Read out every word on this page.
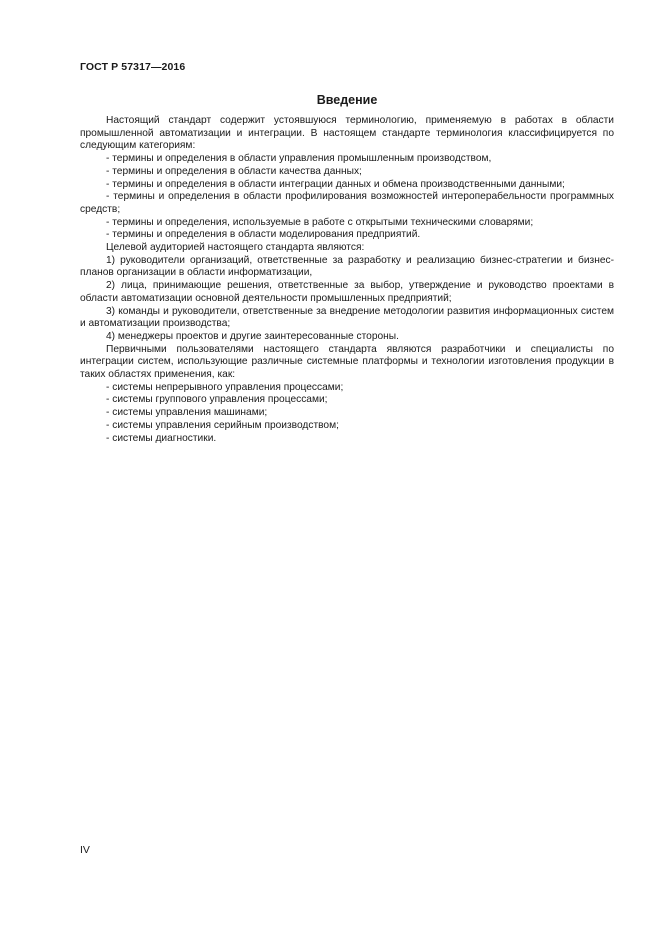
ГОСТ Р 57317—2016
Введение

Настоящий стандарт содержит устоявшуюся терминологию, применяемую в работах в области промышленной автоматизации и интеграции. В настоящем стандарте терминология классифицируется по следующим категориям:

- термины и определения в области управления промышленным производством,

- термины и определения в области качества данных;

- термины и определения в области интеграции данных и обмена производственными данными;

- термины и определения в области профилирования возможностей интероперабельности программных средств;

- термины и определения, используемые в работе с открытыми техническими словарями;

- термины и определения в области моделирования предприятий.

Целевой аудиторией настоящего стандарта являются:

1) руководители организаций, ответственные за разработку и реализацию бизнес-стратегии и бизнес-планов организации в области информатизации,

2) лица, принимающие решения, ответственные за выбор, утверждение и руководство проектами в области автоматизации основной деятельности промышленных предприятий;

3) команды и руководители, ответственные за внедрение методологии развития информационных систем и автоматизации производства;

4) менеджеры проектов и другие заинтересованные стороны.

Первичными пользователями настоящего стандарта являются разработчики и специалисты по интеграции систем, использующие различные системные платформы и технологии изготовления продукции в таких областях применения, как:

- системы непрерывного управления процессами;

- системы группового управления процессами;

- системы управления машинами;

- системы управления серийным производством;

- системы диагностики.

IV
